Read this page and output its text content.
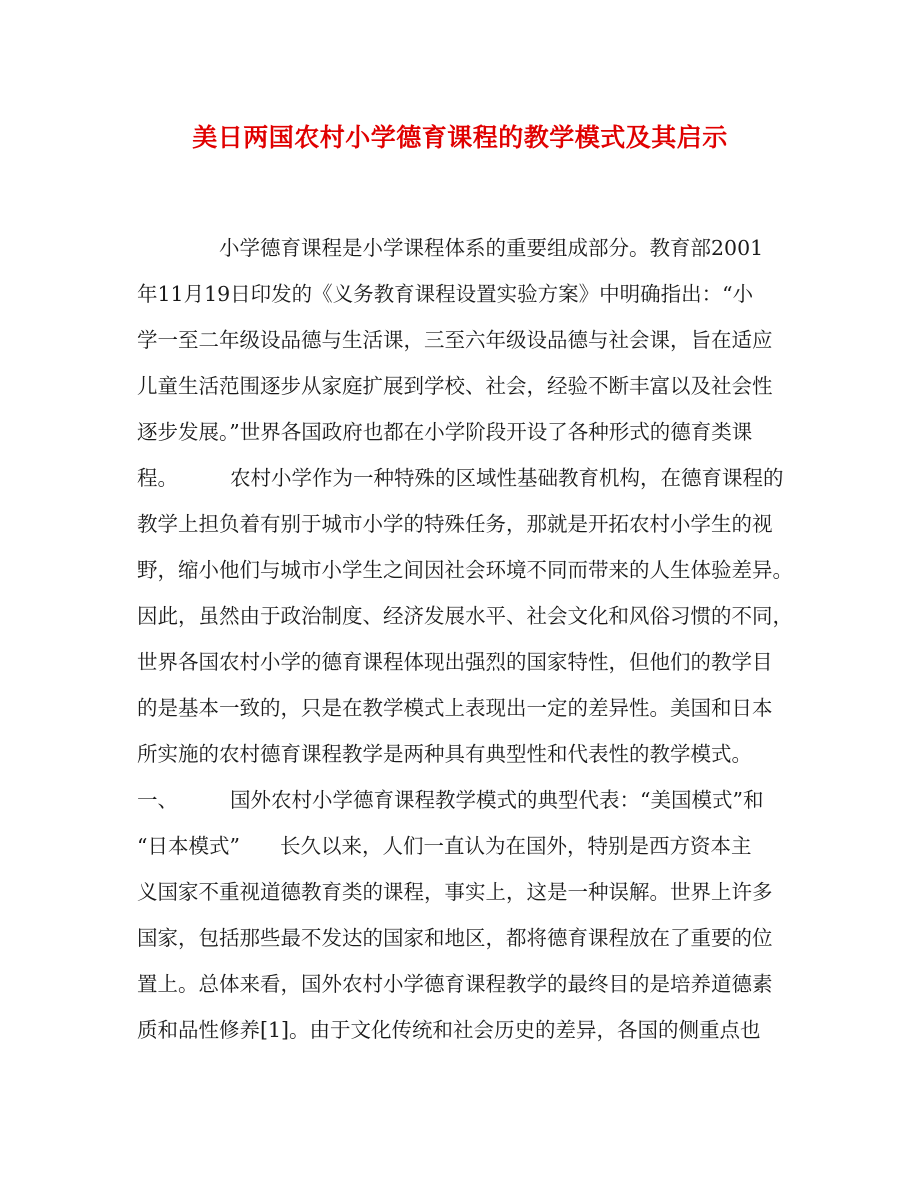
美日两国农村小学德育课程的教学模式及其启示
小学德育课程是小学课程体系的重要组成部分。教育部2001
年11月19日印发的《义务教育课程设置实验方案》中明确指出：“小
学一至二年级设品德与生活课，三至六年级设品德与社会课，旨在适应
儿童生活范围逐步从家庭扩展到学校、社会，经验不断丰富以及社会性
逐步发展。”世界各国政府也都在小学阶段开设了各种形式的德育类课
程。	农村小学作为一种特殊的区域性基础教育机构，在德育课程的
教学上担负着有别于城市小学的特殊任务，那就是开拓农村小学生的视
野，缩小他们与城市小学生之间因社会环境不同而带来的人生体验差异。
因此，虽然由于政治制度、经济发展水平、社会文化和风俗习惯的不同，
世界各国农村小学的德育课程体现出强烈的国家特性，但他们的教学目
的是基本一致的，只是在教学模式上表现出一定的差异性。美国和日本
所实施的农村德育课程教学是两种具有典型性和代表性的教学模式。
一、	国外农村小学德育课程教学模式的典型代表：“美国模式”和
“日本模式” 长久以来，人们一直认为在国外，特别是西方资本主
义国家不重视道德教育类的课程，事实上，这是一种误解。世界上许多
国家，包括那些最不发达的国家和地区，都将德育课程放在了重要的位
置上。总体来看，国外农村小学德育课程教学的最终目的是培养道德素
质和品性修养[1]。由于文化传统和社会历史的差异，各国的侧重点也
